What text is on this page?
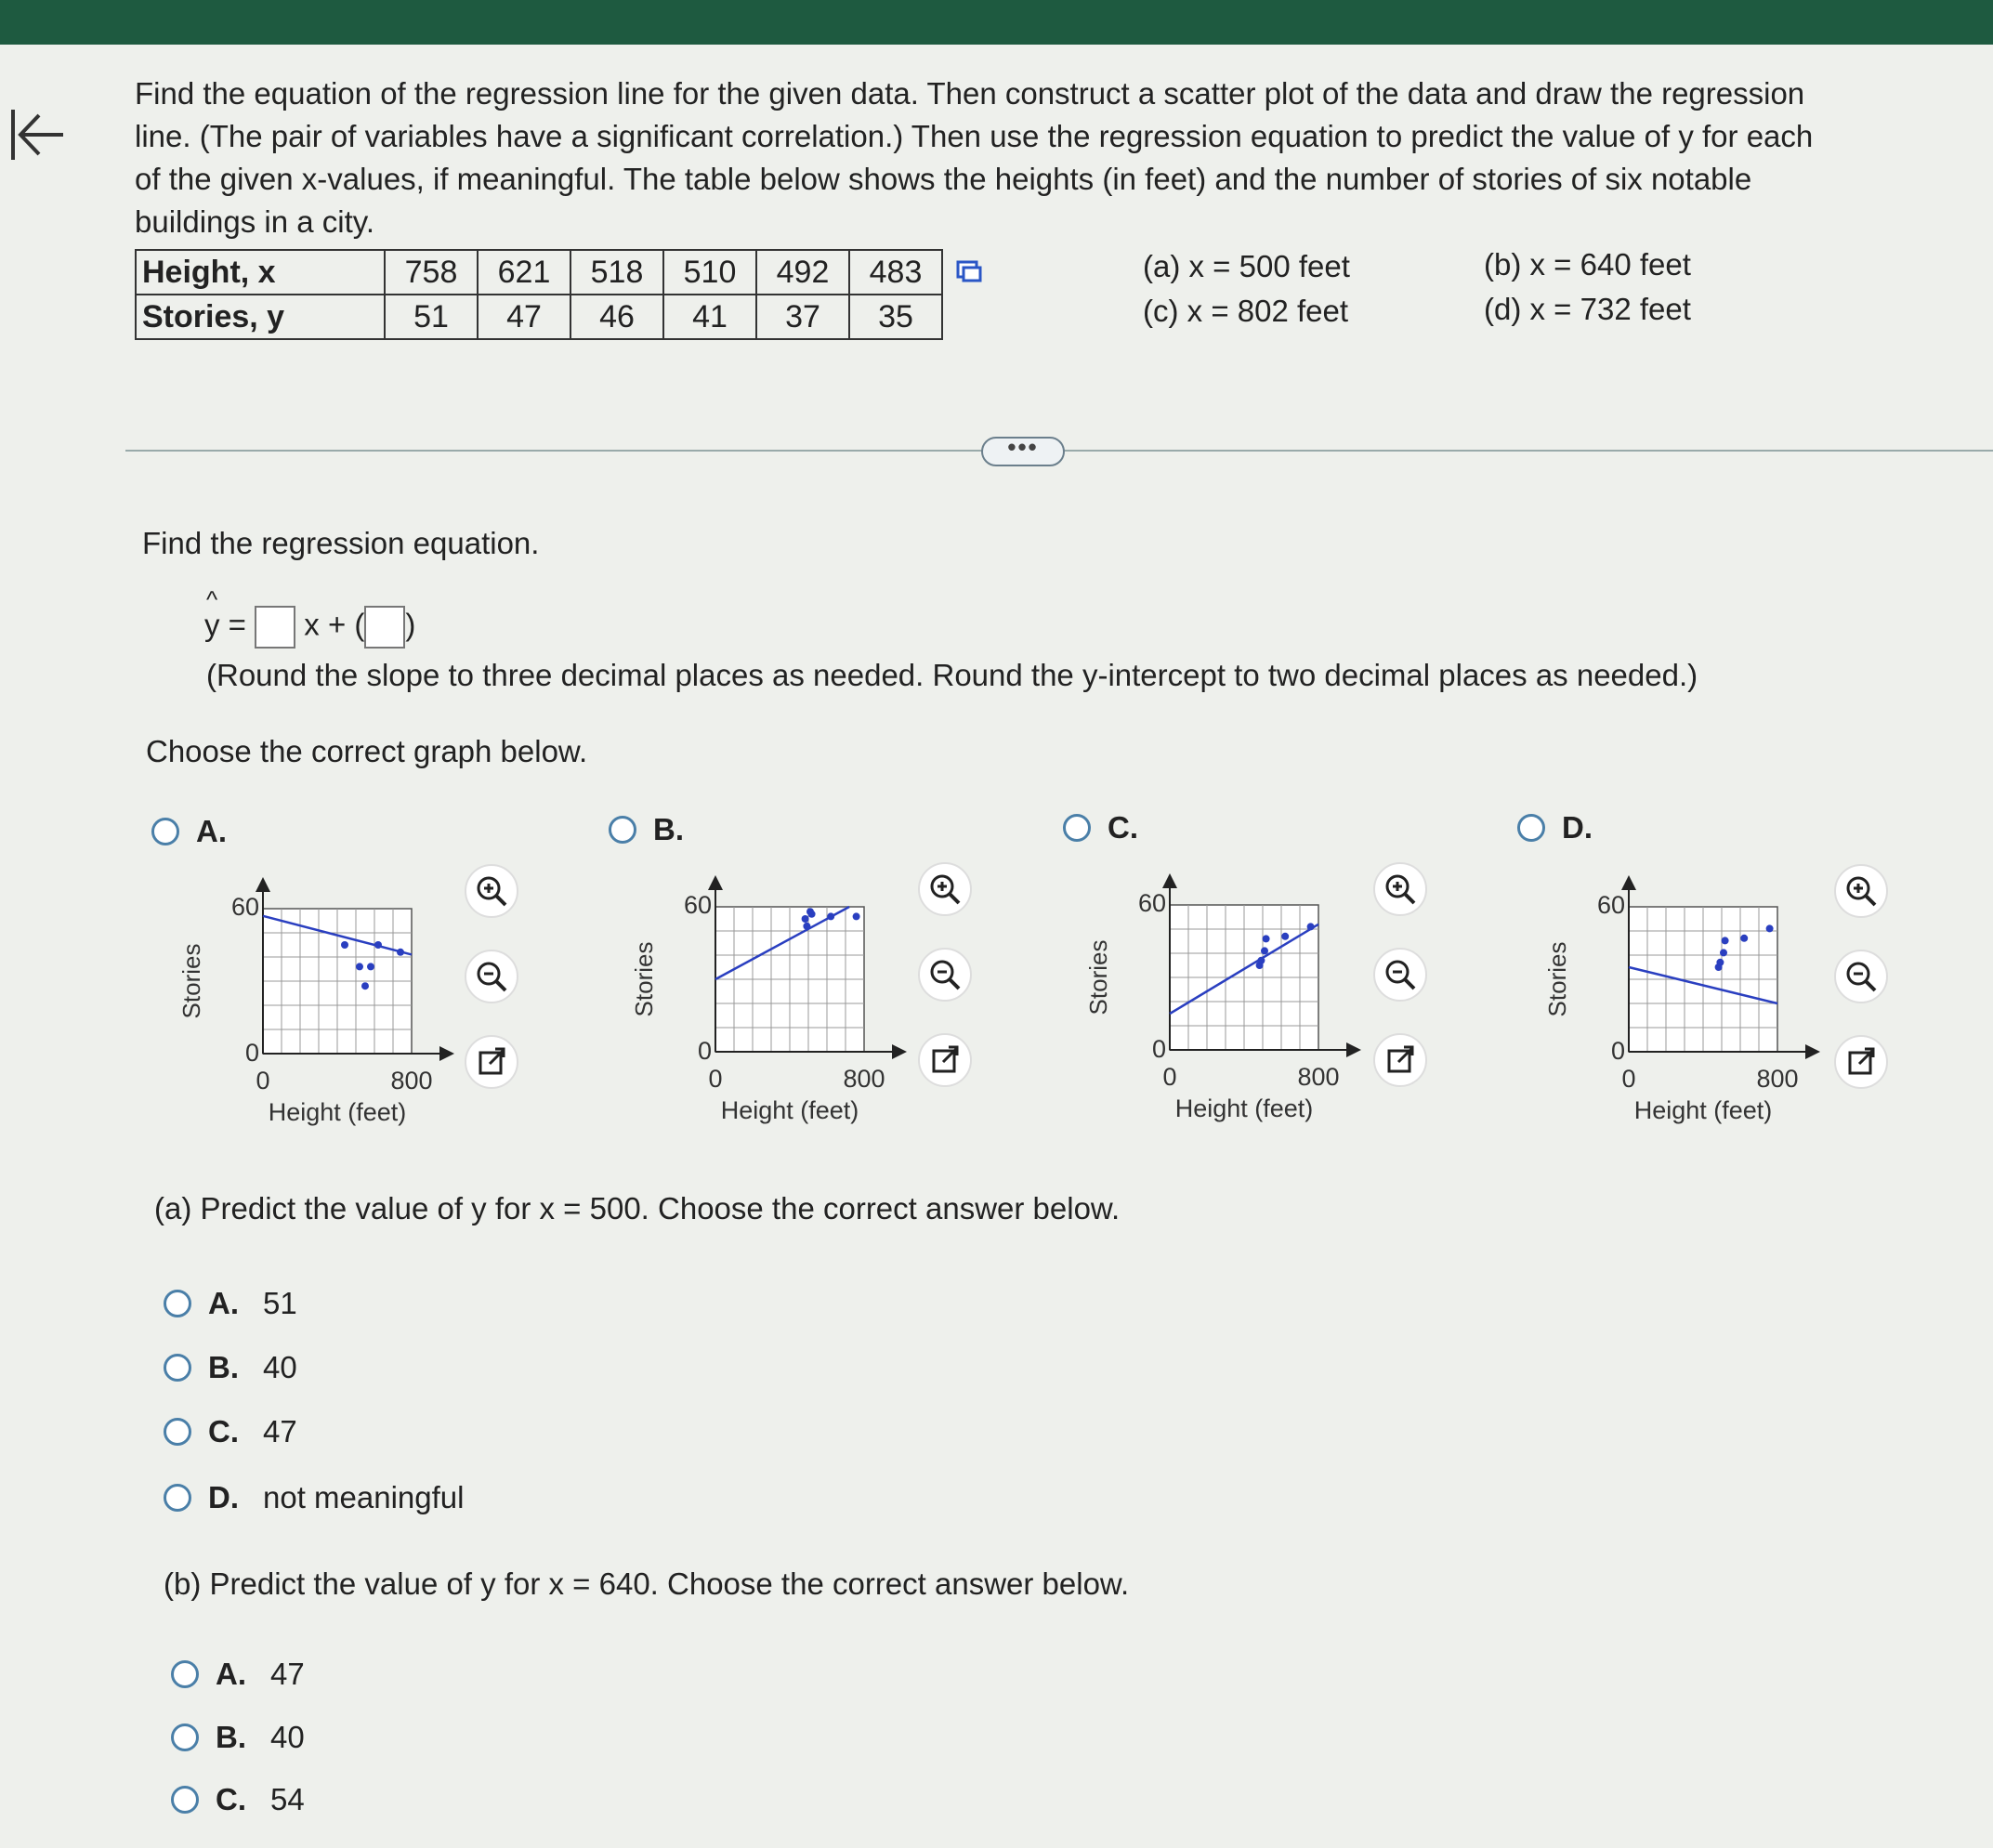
Find the equation of the regression line for the given data. Then construct a scatter plot of the data and draw the regression
line. (The pair of variables have a significant correlation.) Then use the regression equation to predict the value of y for each
of the given x-values, if meaningful. The table below shows the heights (in feet) and the number of stories of six notable
buildings in a city.
Height, x	758	621	518	510	492	483
Stories, y	51	47	46	41	37	35
(a) x = 500 feet	(b) x = 640 feet
(c) x = 802 feet	(d) x = 732 feet
•••
Find the regression equation.
^
y = x + ( )
(Round the slope to three decimal places as needed. Round the y-intercept to two decimal places as needed.)
Choose the correct graph below.
A.	B.	C.	D.
60
0
0	800
Height (feet)
Stories
60
0
0	800
Height (feet)
Stories
60
0
0	800
Height (feet)
Stories
60
0
0	800
Height (feet)
Stories
(a) Predict the value of y for x = 500. Choose the correct answer below.
A. 51
B. 40
C. 47
D. not meaningful
(b) Predict the value of y for x = 640. Choose the correct answer below.
A. 47
B. 40
C. 54
